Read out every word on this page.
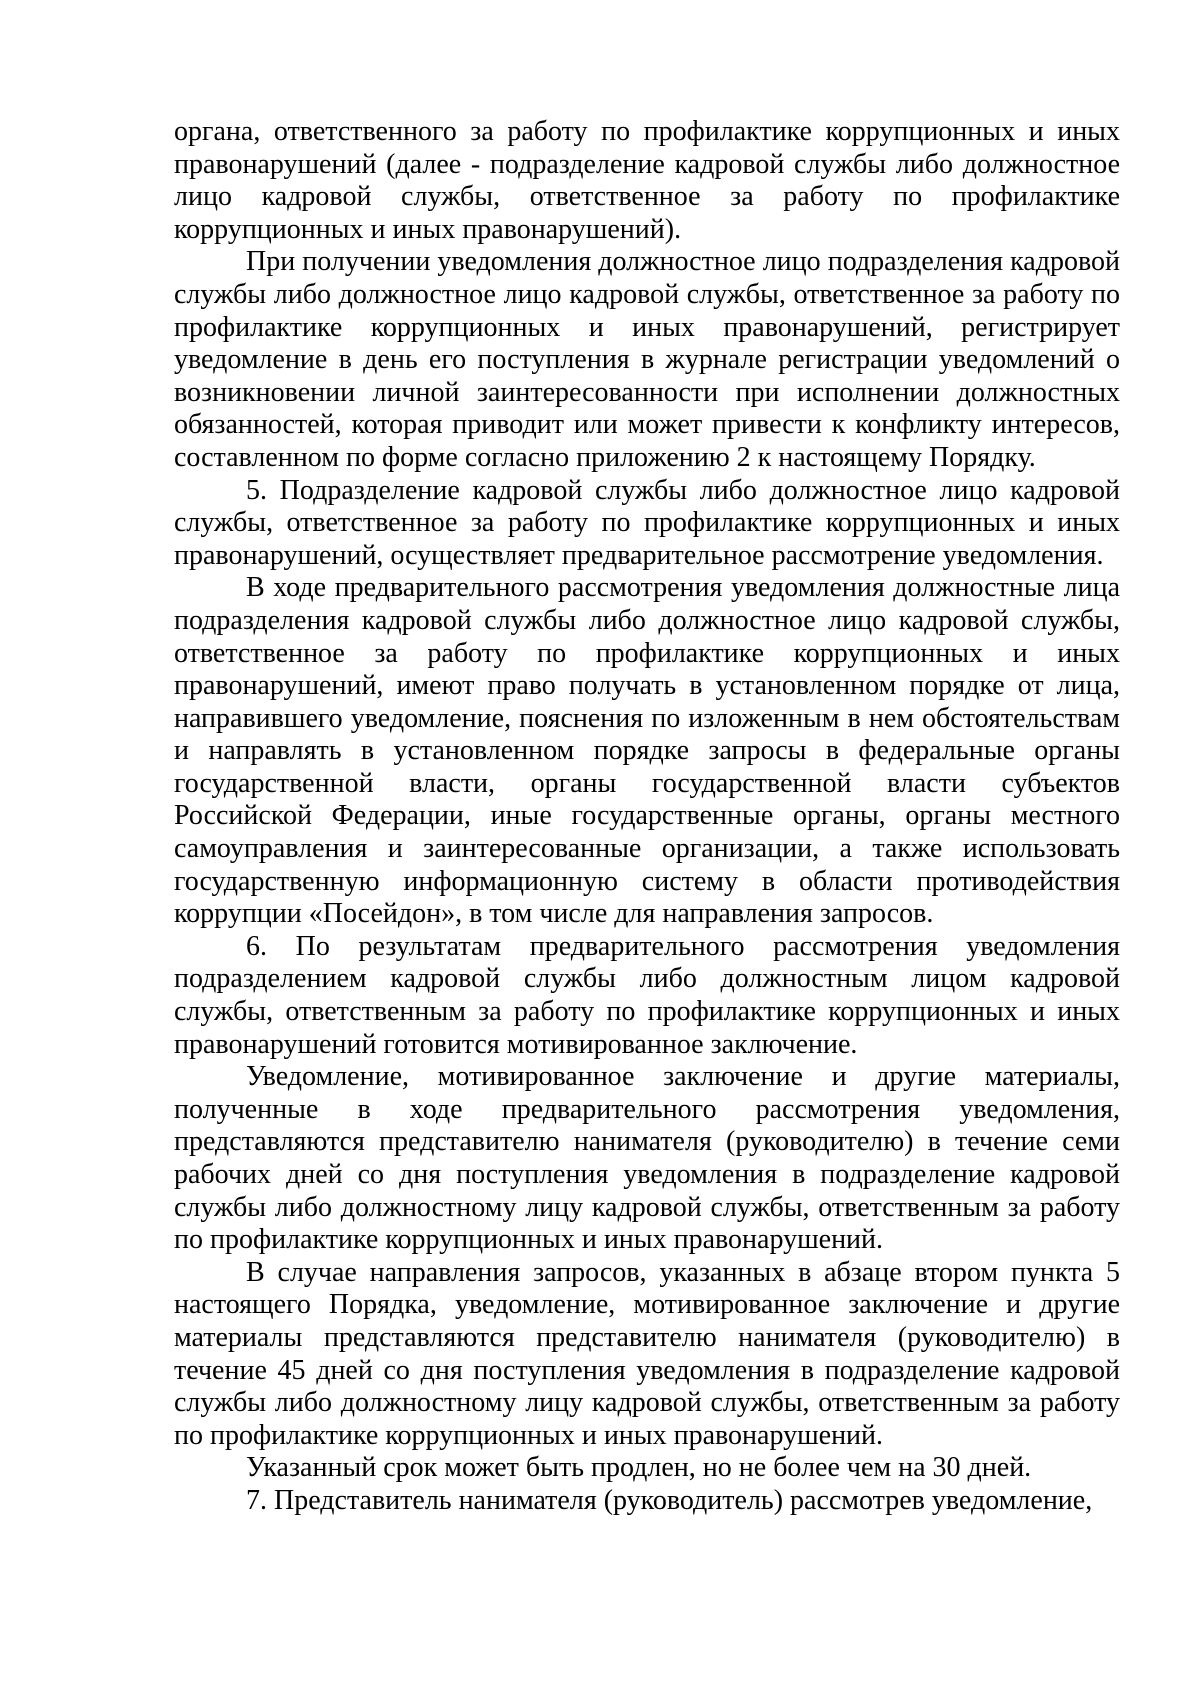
органа, ответственного за работу по профилактике коррупционных и иных правонарушений (далее - подразделение кадровой службы либо должностное лицо кадровой службы, ответственное за работу по профилактике коррупционных и иных правонарушений).

При получении уведомления должностное лицо подразделения кадровой службы либо должностное лицо кадровой службы, ответственное за работу по профилактике коррупционных и иных правонарушений, регистрирует уведомление в день его поступления в журнале регистрации уведомлений о возникновении личной заинтересованности при исполнении должностных обязанностей, которая приводит или может привести к конфликту интересов, составленном по форме согласно приложению 2 к настоящему Порядку.

5. Подразделение кадровой службы либо должностное лицо кадровой службы, ответственное за работу по профилактике коррупционных и иных правонарушений, осуществляет предварительное рассмотрение уведомления.

В ходе предварительного рассмотрения уведомления должностные лица подразделения кадровой службы либо должностное лицо кадровой службы, ответственное за работу по профилактике коррупционных и иных правонарушений, имеют право получать в установленном порядке от лица, направившего уведомление, пояснения по изложенным в нем обстоятельствам и направлять в установленном порядке запросы в федеральные органы государственной власти, органы государственной власти субъектов Российской Федерации, иные государственные органы, органы местного самоуправления и заинтересованные организации, а также использовать государственную информационную систему в области противодействия коррупции «Посейдон», в том числе для направления запросов.

6. По результатам предварительного рассмотрения уведомления подразделением кадровой службы либо должностным лицом кадровой службы, ответственным за работу по профилактике коррупционных и иных правонарушений готовится мотивированное заключение.

Уведомление, мотивированное заключение и другие материалы, полученные в ходе предварительного рассмотрения уведомления, представляются представителю нанимателя (руководителю) в течение семи рабочих дней со дня поступления уведомления в подразделение кадровой службы либо должностному лицу кадровой службы, ответственным за работу по профилактике коррупционных и иных правонарушений.

В случае направления запросов, указанных в абзаце втором пункта 5 настоящего Порядка, уведомление, мотивированное заключение и другие материалы представляются представителю нанимателя (руководителю) в течение 45 дней со дня поступления уведомления в подразделение кадровой службы либо должностному лицу кадровой службы, ответственным за работу по профилактике коррупционных и иных правонарушений.

Указанный срок может быть продлен, но не более чем на 30 дней.

7. Представитель нанимателя (руководитель) рассмотрев уведомление,
